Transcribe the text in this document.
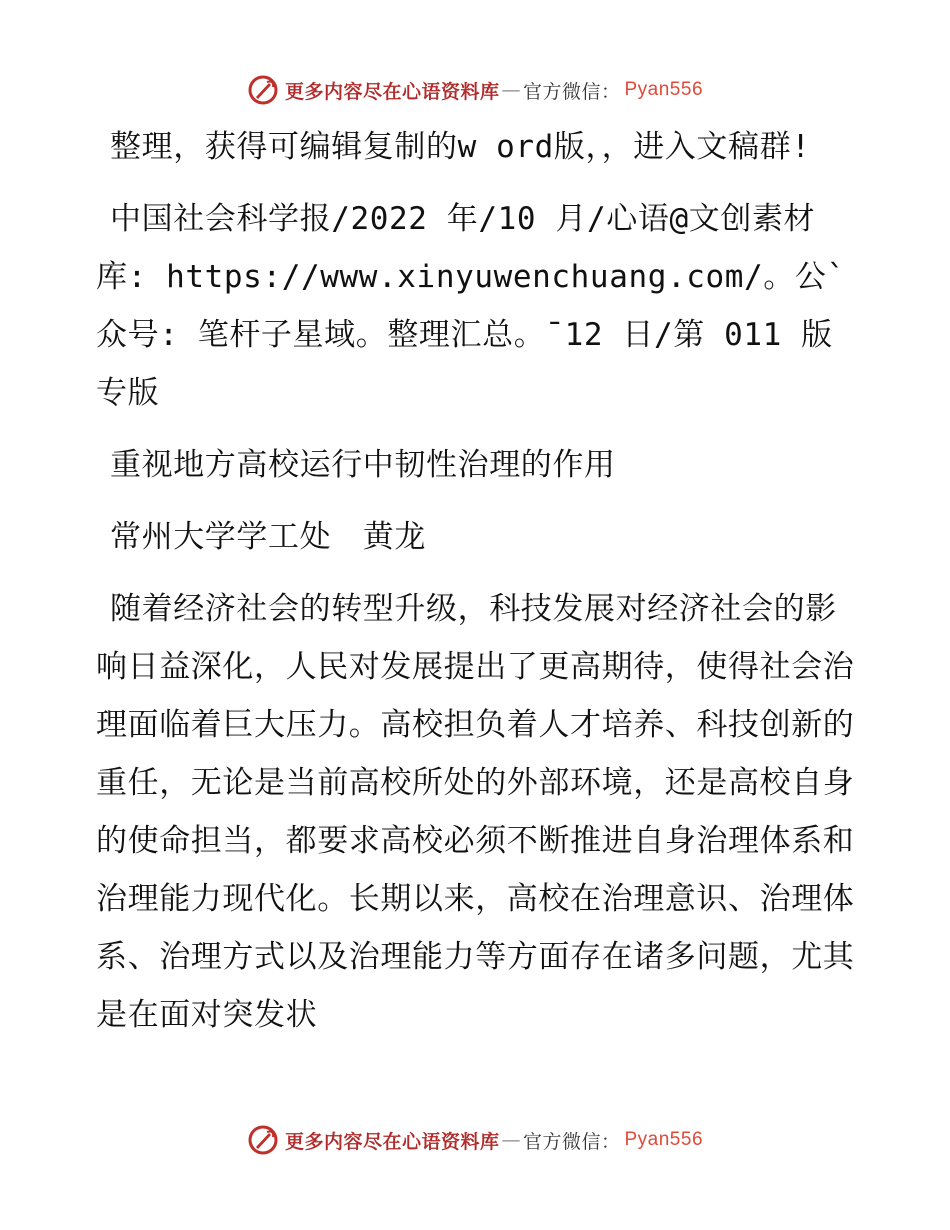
更多内容尽在心语资料库 — 官方微信： Pyan556

整理，获得可编辑复制的w ord版，，进入文稿群!

中国社会科学报/2022 年/10 月/心语@文创素材库: https://www.xinyuwenchuang.com/。公`众号: 笔杆子星域。整理汇总。¯12 日/第 011 版专版

重视地方高校运行中韧性治理的作用

常州大学学工处　黄龙

随着经济社会的转型升级，科技发展对经济社会的影响日益深化，人民对发展提出了更高期待，使得社会治理面临着巨大压力。高校担负着人才培养、科技创新的重任，无论是当前高校所处的外部环境，还是高校自身的使命担当，都要求高校必须不断推进自身治理体系和治理能力现代化。长期以来，高校在治理意识、治理体系、治理方式以及治理能力等方面存在诸多问题，尤其是在面对突发状

更多内容尽在心语资料库 — 官方微信： Pyan556
